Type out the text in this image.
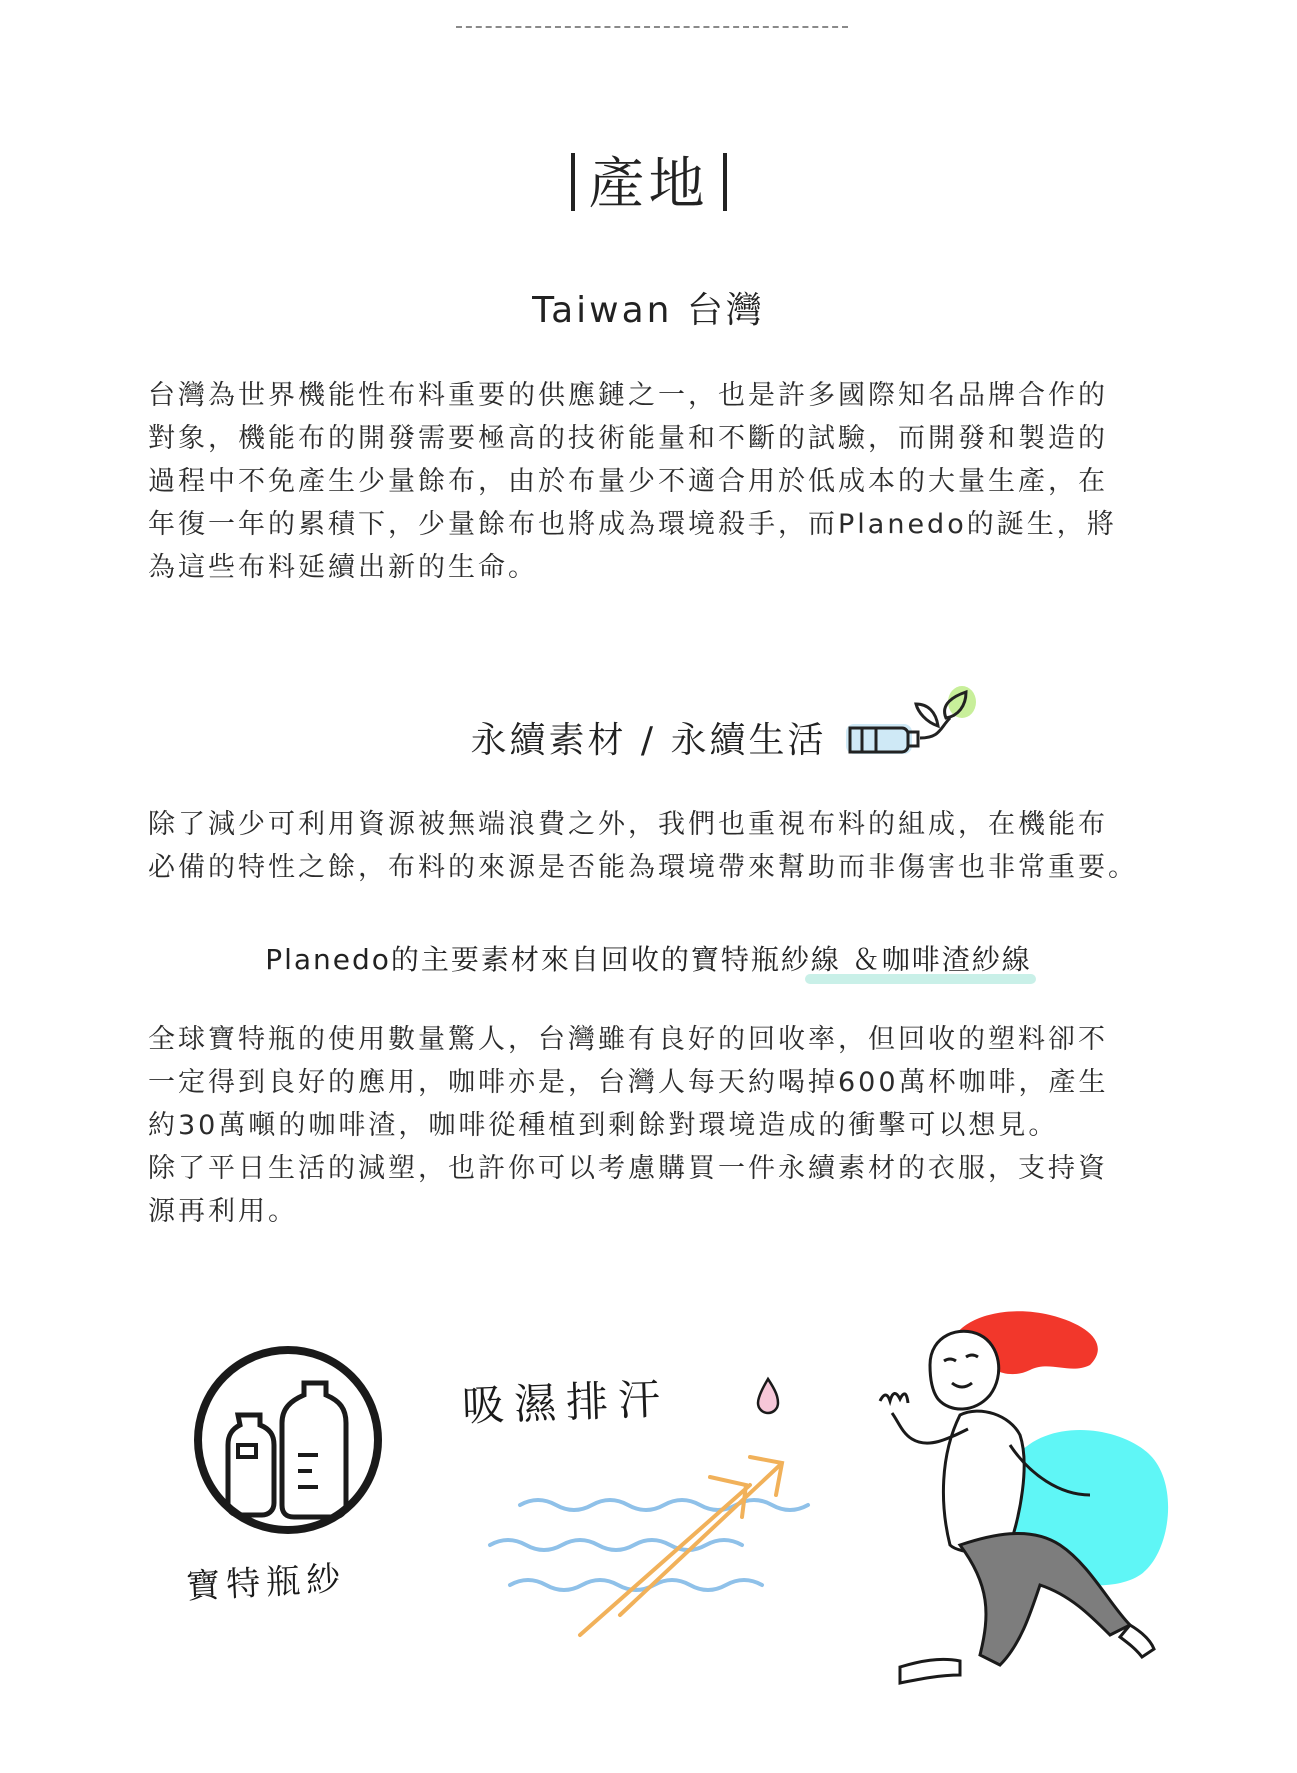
產地
Taiwan 台灣
台灣為世界機能性布料重要的供應鏈之一，也是許多國際知名品牌合作的
對象，機能布的開發需要極高的技術能量和不斷的試驗，而開發和製造的
過程中不免產生少量餘布，由於布量少不適合用於低成本的大量生產，在
年復一年的累積下，少量餘布也將成為環境殺手，而Planedo的誕生，將
為這些布料延續出新的生命。
永續素材 / 永續生活
除了減少可利用資源被無端浪費之外，我們也重視布料的組成，在機能布
必備的特性之餘，布料的來源是否能為環境帶來幫助而非傷害也非常重要。
Planedo的主要素材來自回收的寶特瓶紗線 ＆咖啡渣紗線
全球寶特瓶的使用數量驚人，台灣雖有良好的回收率，但回收的塑料卻不
一定得到良好的應用，咖啡亦是，台灣人每天約喝掉600萬杯咖啡，產生
約30萬噸的咖啡渣，咖啡從種植到剩餘對環境造成的衝擊可以想見。
除了平日生活的減塑，也許你可以考慮購買一件永續素材的衣服，支持資
源再利用。
寶特瓶紗
吸濕排汗
